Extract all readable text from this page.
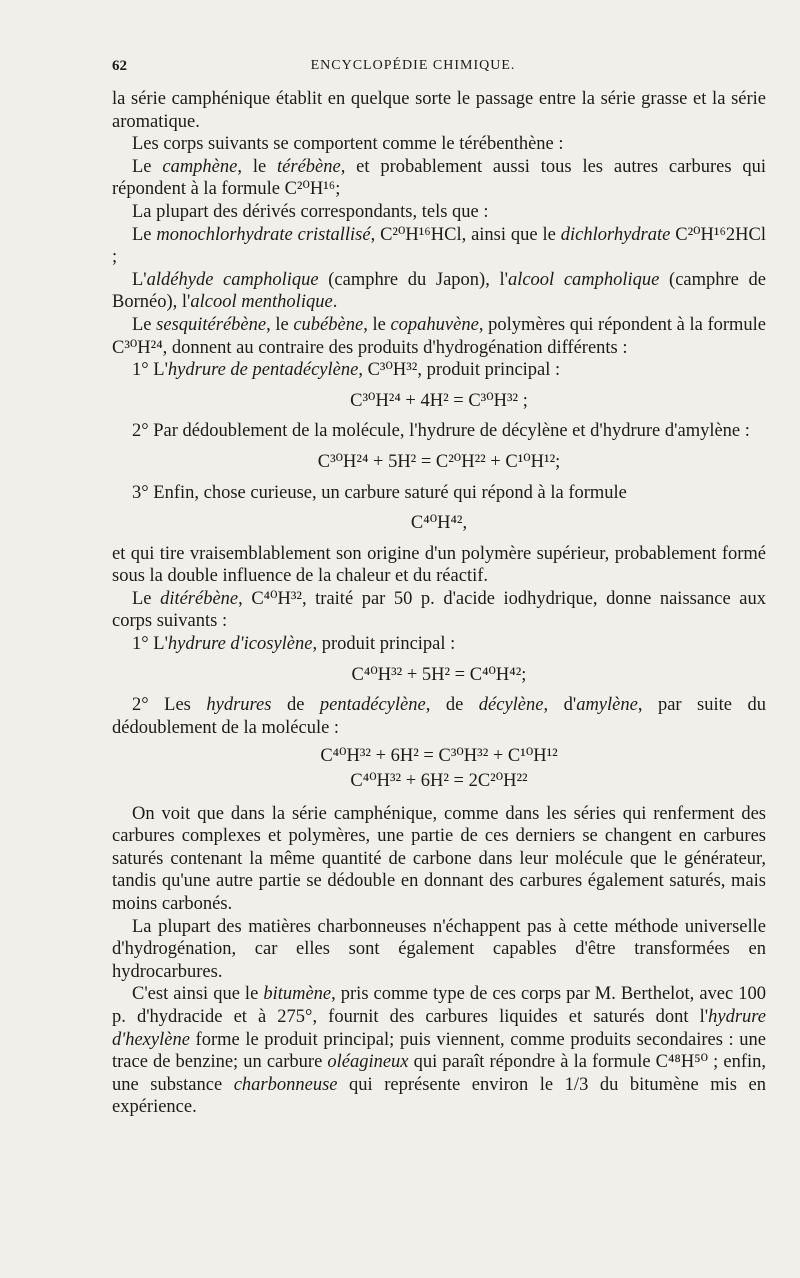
62	ENCYCLOPÉDIE CHIMIQUE.

la série camphénique établit en quelque sorte le passage entre la série grasse et la série aromatique.

Les corps suivants se comportent comme le térébenthène :

Le camphène, le térébène, et probablement aussi tous les autres carbures qui répondent à la formule C²⁰H¹⁶;

La plupart des dérivés correspondants, tels que :

Le monochlorhydrate cristallisé, C²⁰H¹⁶HCl, ainsi que le dichlorhydrate C²⁰H¹⁶2HCl ;

L'aldéhyde campholique (camphre du Japon), l'alcool campholique (camphre de Bornéo), l'alcool mentholique.

Le sesquitérébène, le cubébène, le copahuvène, polymères qui répondent à la formule C³⁰H²⁴, donnent au contraire des produits d'hydrogénation différents :

1° L'hydrure de pentadécylène, C³⁰H³², produit principal :

C³⁰H²⁴ + 4H² = C³⁰H³² ;

2° Par dédoublement de la molécule, l'hydrure de décylène et d'hydrure d'amylène :

C³⁰H²⁴ + 5H² = C²⁰H²² + C¹⁰H¹²;

3° Enfin, chose curieuse, un carbure saturé qui répond à la formule

C⁴⁰H⁴²,

et qui tire vraisemblablement son origine d'un polymère supérieur, probablement formé sous la double influence de la chaleur et du réactif.

Le ditérébène, C⁴⁰H³², traité par 50 p. d'acide iodhydrique, donne naissance aux corps suivants :

1° L'hydrure d'icosylène, produit principal :

C⁴⁰H³² + 5H² = C⁴⁰H⁴²;

2° Les hydrures de pentadécylène, de décylène, d'amylène, par suite du dédoublement de la molécule :

C⁴⁰H³² + 6H² = C³⁰H³² + C¹⁰H¹²

C⁴⁰H³² + 6H² = 2C²⁰H²²

On voit que dans la série camphénique, comme dans les séries qui renferment des carbures complexes et polymères, une partie de ces derniers se changent en carbures saturés contenant la même quantité de carbone dans leur molécule que le générateur, tandis qu'une autre partie se dédouble en donnant des carbures également saturés, mais moins carbonés.

La plupart des matières charbonneuses n'échappent pas à cette méthode universelle d'hydrogénation, car elles sont également capables d'être transformées en hydrocarbures.

C'est ainsi que le bitumène, pris comme type de ces corps par M. Berthelot, avec 100 p. d'hydracide et à 275°, fournit des carbures liquides et saturés dont l'hydrure d'hexylène forme le produit principal; puis viennent, comme produits secondaires : une trace de benzine; un carbure oléagineux qui paraît répondre à la formule C⁴⁸H⁵⁰ ; enfin, une substance charbonneuse qui représente environ le 1/3 du bitumène mis en expérience.
